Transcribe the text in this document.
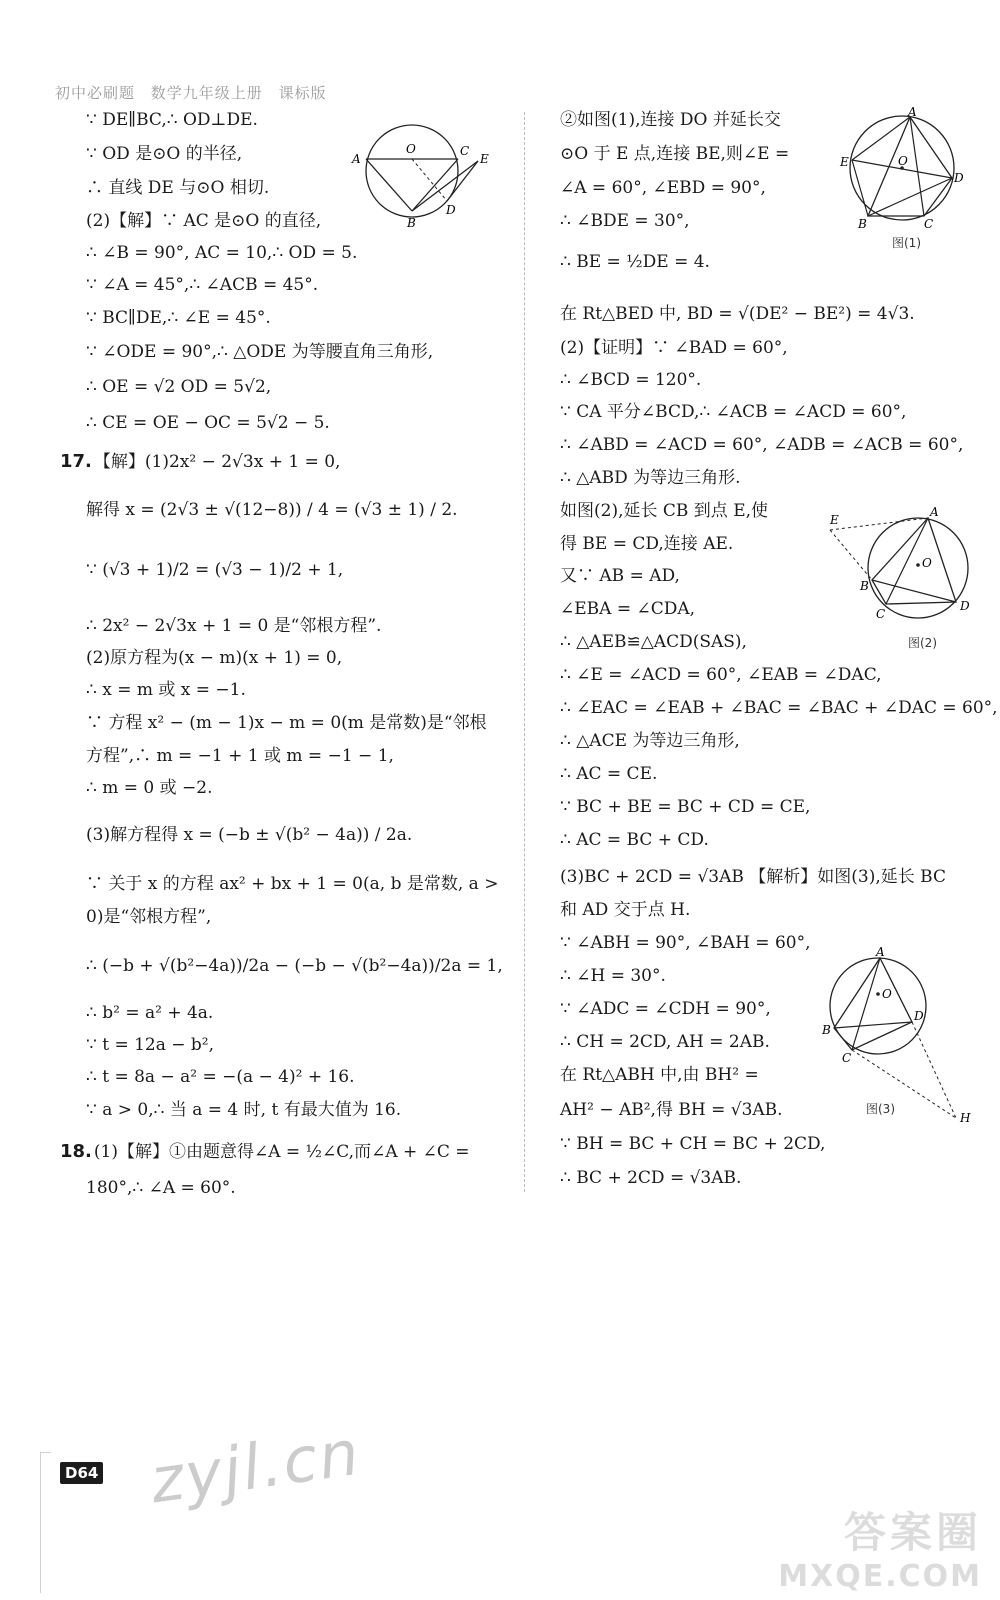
初中必刷题 数学九年级上册 课标版
∵ DE∥BC,∴ OD⊥DE.
∵ OD 是⊙O 的半径,
∴ 直线 DE 与⊙O 相切.
(2)【解】∵ AC 是⊙O 的直径,
∴ ∠B = 90°, AC = 10,∴ OD = 5.
∵ ∠A = 45°,∴ ∠ACB = 45°.
∵ BC∥DE,∴ ∠E = 45°.
∵ ∠ODE = 90°,∴ △ODE 为等腰直角三角形,
∴ OE = √2 OD = 5√2,
∴ CE = OE − OC = 5√2 − 5.
17. 【解】(1)2x² − 2√3x + 1 = 0,
解得 x = (2√3 ± √(12−8)) / 4 = (√3 ± 1) / 2.
∵ (√3 + 1)/2 = (√3 − 1)/2 + 1,
∴ 2x² − 2√3x + 1 = 0 是“邻根方程”.
(2)原方程为(x − m)(x + 1) = 0,
∴ x = m 或 x = −1.
∵ 方程 x² − (m − 1)x − m = 0(m 是常数)是“邻根
方程”,∴ m = −1 + 1 或 m = −1 − 1,
∴ m = 0 或 −2.
(3)解方程得 x = (−b ± √(b² − 4a)) / 2a.
∵ 关于 x 的方程 ax² + bx + 1 = 0(a, b 是常数, a >
0)是“邻根方程”,
∴ (−b + √(b²−4a))/2a − (−b − √(b²−4a))/2a = 1,
∴ b² = a² + 4a.
∵ t = 12a − b²,
∴ t = 8a − a² = −(a − 4)² + 16.
∵ a > 0,∴ 当 a = 4 时, t 有最大值为 16.
18. (1)【解】①由题意得∠A = ½∠C,而∠A + ∠C =
180°,∴ ∠A = 60°.
A
O	C
E
B
D
②如图(1),连接 DO 并延长交
⊙O 于 E 点,连接 BE,则∠E =
∠A = 60°, ∠EBD = 90°,
∴ ∠BDE = 30°,
∴ BE = ½DE = 4.
在 Rt△BED 中, BD = √(DE² − BE²) = 4√3.
(2)【证明】∵ ∠BAD = 60°,
∴ ∠BCD = 120°.
∵ CA 平分∠BCD,∴ ∠ACB = ∠ACD = 60°,
∴ ∠ABD = ∠ACD = 60°, ∠ADB = ∠ACB = 60°,
∴ △ABD 为等边三角形.
如图(2),延长 CB 到点 E,使
得 BE = CD,连接 AE.
又∵ AB = AD,
∠EBA = ∠CDA,
∴ △AEB≌△ACD(SAS),
∴ ∠E = ∠ACD = 60°, ∠EAB = ∠DAC,
∴ ∠EAC = ∠EAB + ∠BAC = ∠BAC + ∠DAC = 60°,
∴ △ACE 为等边三角形,
∴ AC = CE.
∵ BC + BE = BC + CD = CE,
∴ AC = BC + CD.
(3)BC + 2CD = √3AB 【解析】如图(3),延长 BC
和 AD 交于点 H.
∵ ∠ABH = 90°, ∠BAH = 60°,
∴ ∠H = 30°.
∵ ∠ADC = ∠CDH = 90°,
∴ CH = 2CD, AH = 2AB.
在 Rt△ABH 中,由 BH² =
AH² − AB²,得 BH = √3AB.
∵ BH = BC + CH = BC + 2CD,
∴ BC + 2CD = √3AB.
A
E	O
D
B	C
图(1)
A
E
O
B
C
D
图(2)
A
O
B
D
C
H
图(3)
D64 zyjl.cn
答案圈
MXQE.COM
